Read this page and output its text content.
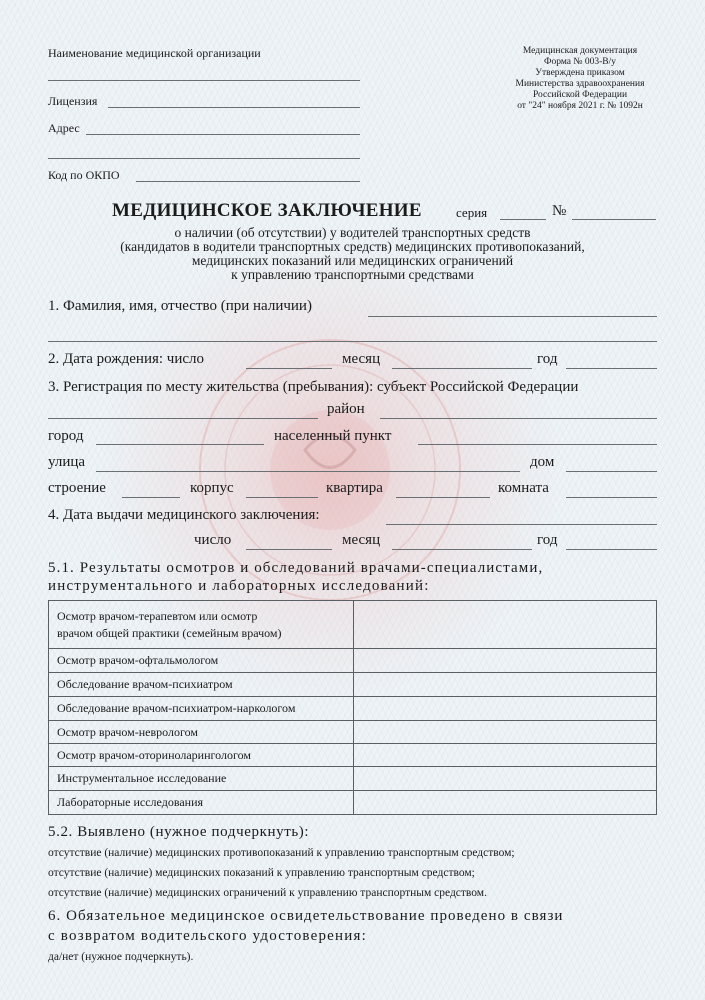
Наименование медицинской организации
Лицензия
Адрес
Код по ОКПО
Медицинская документация
Форма № 003-В/у
Утверждена приказом
Министерства здравоохранения
Российской Федерации
от "24" ноября 2021 г. № 1092н
МЕДИЦИНСКОЕ ЗАКЛЮЧЕНИЕ	серия	№
о наличии (об отсутствии) у водителей транспортных средств
(кандидатов в водители транспортных средств) медицинских противопоказаний,
медицинских показаний или медицинских ограничений
к управлению транспортными средствами
1. Фамилия, имя, отчество (при наличии)
2. Дата рождения: число	месяц	год
3. Регистрация по месту жительства (пребывания): субъект Российской Федерации
район
город	населенный пункт
улица	дом
строение	корпус	квартира	комната
4. Дата выдачи медицинского заключения:
число	месяц	год
5.1. Результаты осмотров и обследований врачами-специалистами,
инструментального и лабораторных исследований:
Осмотр врачом-терапевтом или осмотр
врачом общей практики (семейным врачом)	

Осмотр врачом-офтальмологом	
Обследование врачом-психиатром	
Обследование врачом-психиатром-наркологом	
Осмотр врачом-неврологом	
Осмотр врачом-оториноларингологом	
Инструментальное исследование	
Лабораторные исследования	
5.2. Выявлено (нужное подчеркнуть):
отсутствие (наличие) медицинских противопоказаний к управлению транспортным средством;
отсутствие (наличие) медицинских показаний к управлению транспортным средством;
отсутствие (наличие) медицинских ограничений к управлению транспортным средством.
6. Обязательное медицинское освидетельствование проведено в связи
с возвратом водительского удостоверения:
да/нет (нужное подчеркнуть).
